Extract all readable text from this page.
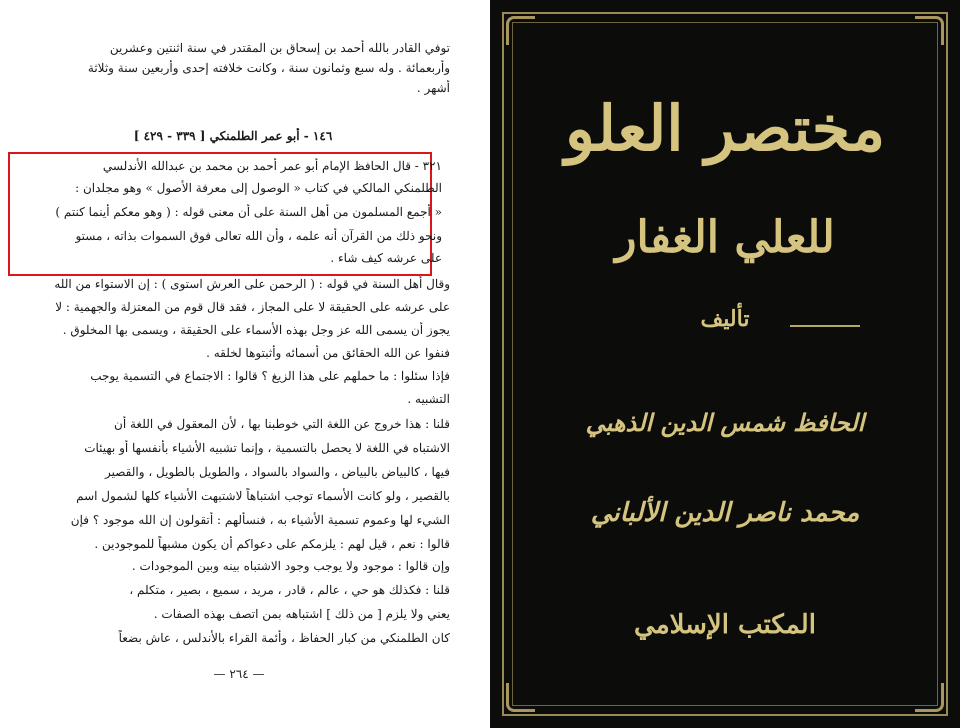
توفي القادر بالله أحمد بن إسحاق بن المقتدر في سنة اثنتين وعشرين
وأربعمائة . وله سبع وثمانون سنة ، وكانت خلافته إحدى وأربعين سنة وثلاثة
أشهر .
١٤٦ - أبو عمر الطلمنكي [ ٣٣٩ - ٤٢٩ ]
٣٢١ - قال الحافظ الإمام أبو عمر أحمد بن محمد بن عبدالله الأندلسي
الطلمنكي المالكي في كتاب « الوصول إلى معرفة الأصول » وهو مجلدان :
« أجمع المسلمون من أهل السنة على أن معنى قوله : ( وهو معكم أينما كنتم )
ونحو ذلك من القرآن أنه علمه ، وأن الله تعالى فوق السموات بذاته ، مستو
على عرشه كيف شاء .
وقال أهل السنة في قوله : ( الرحمن على العرش استوى ) : إن الاستواء من الله
على عرشه على الحقيقة لا على المجاز ، فقد قال قوم من المعتزلة والجهمية : لا
يجوز أن يسمى الله عز وجل بهذه الأسماء على الحقيقة ، ويسمى بها المخلوق .
فنفوا عن الله الحقائق من أسمائه وأثبتوها لخلقه .
فإذا سئلوا : ما حملهم على هذا الزيغ ؟ قالوا : الاجتماع في التسمية يوجب
التشبيه .
قلنا : هذا خروج عن اللغة التي خوطبنا بها ، لأن المعقول في اللغة أن
الاشتباه في اللغة لا يحصل بالتسمية ، وإنما تشبيه الأشياء بأنفسها أو بهيئات
فيها ، كالبياض بالبياض ، والسواد بالسواد ، والطويل بالطويل ، والقصير
بالقصير ، ولو كانت الأسماء توجب اشتباهاً لاشتبهت الأشياء كلها لشمول اسم
الشيء لها وعموم تسمية الأشياء به ، فنسألهم : أتقولون إن الله موجود ؟ فإن
قالوا : نعم ، قيل لهم : يلزمكم على دعواكم أن يكون مشبهاً للموجودين .
وإن قالوا : موجود ولا يوجب وجود الاشتباه بينه وبين الموجودات .
قلنا : فكذلك هو حي ، عالم ، قادر ، مريد ، سميع ، بصير ، متكلم ،
يعني ولا يلزم [ من ذلك ] اشتباهه بمن اتصف بهذه الصفات .
كان الطلمنكي من كبار الحفاظ ، وأئمة القراء بالأندلس ، عاش بضعاً
— ٢٦٤ —
مختصر العلو
للعلي الغفار
تأليف
الحافظ شمس الدين الذهبي
محمد ناصر الدين الألباني
المكتب الإسلامي
